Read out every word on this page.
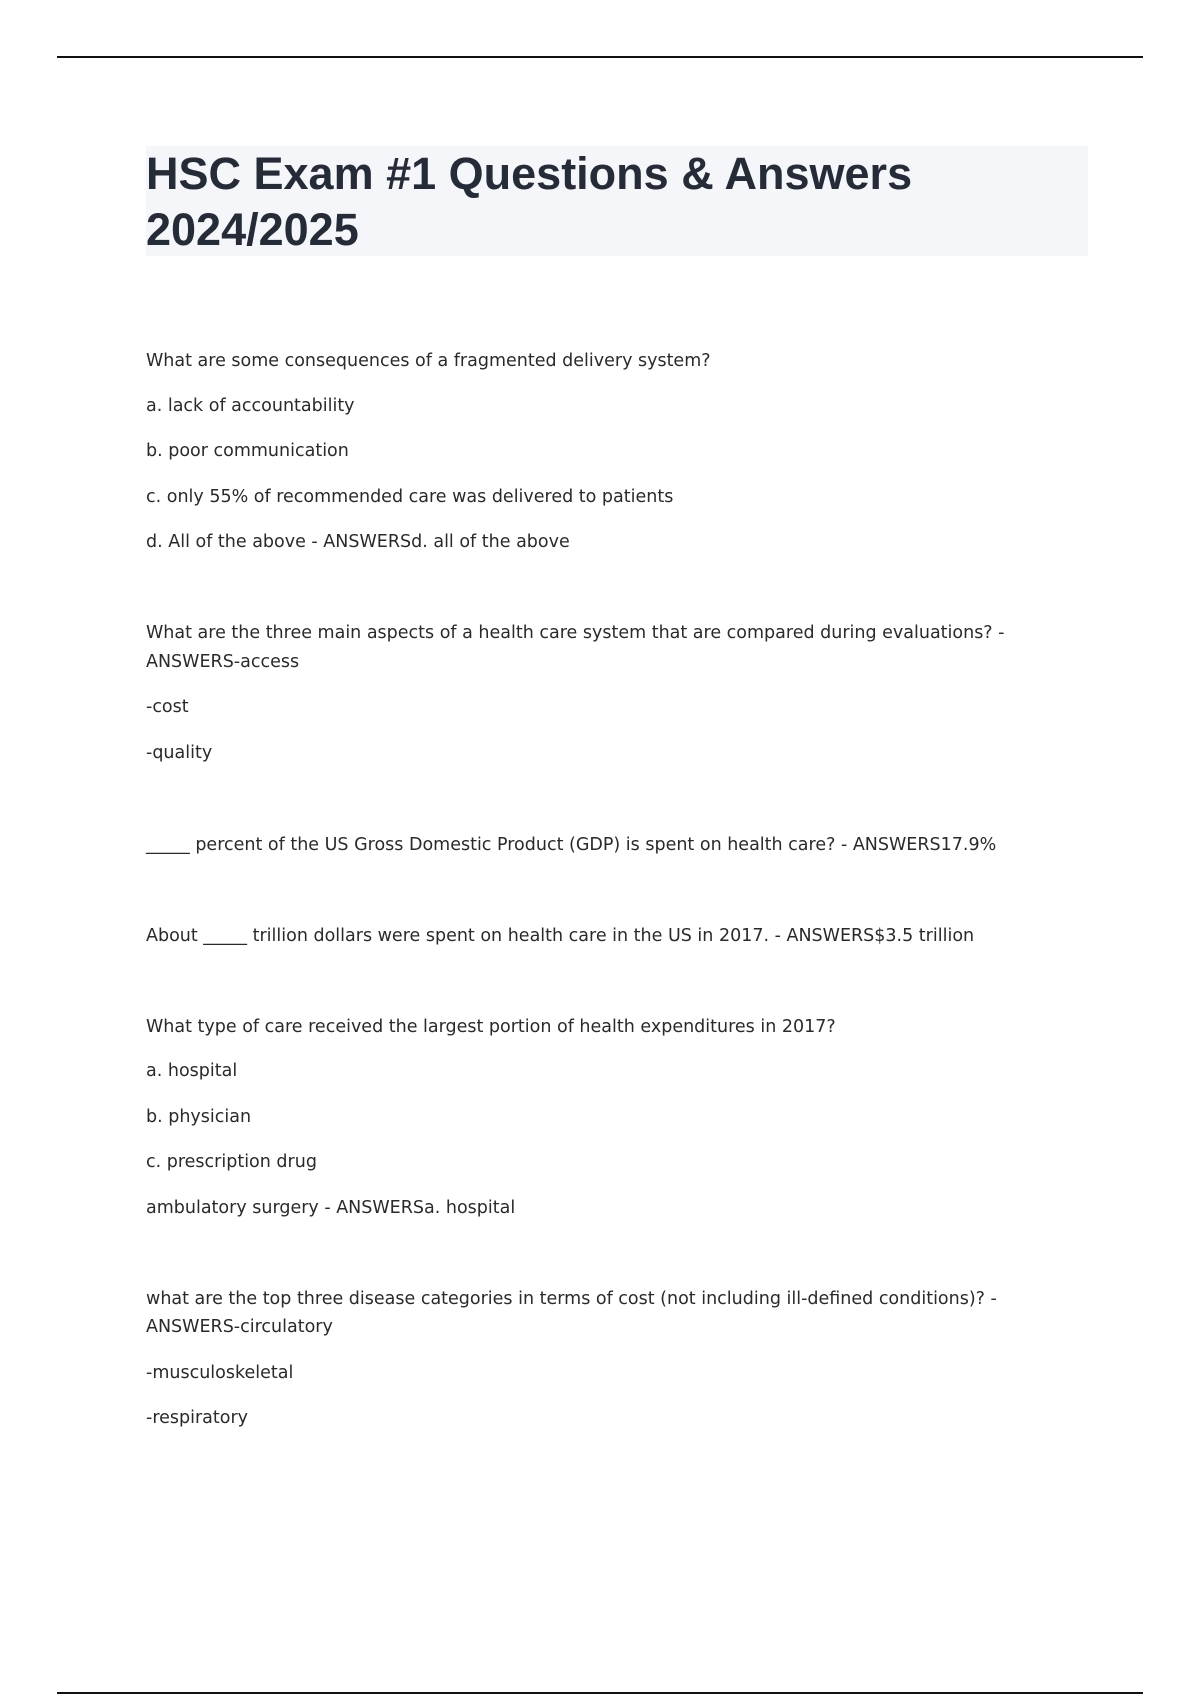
HSC Exam #1 Questions & Answers
2024/2025
What are some consequences of a fragmented delivery system?
a. lack of accountability
b. poor communication
c. only 55% of recommended care was delivered to patients
d. All of the above - ANSWERSd. all of the above
What are the three main aspects of a health care system that are compared during evaluations? -
ANSWERS-access
-cost
-quality
_____ percent of the US Gross Domestic Product (GDP) is spent on health care? - ANSWERS17.9%
About _____ trillion dollars were spent on health care in the US in 2017. - ANSWERS$3.5 trillion
What type of care received the largest portion of health expenditures in 2017?
a. hospital
b. physician
c. prescription drug
ambulatory surgery - ANSWERSa. hospital
what are the top three disease categories in terms of cost (not including ill-defined conditions)? -
ANSWERS-circulatory
-musculoskeletal
-respiratory
